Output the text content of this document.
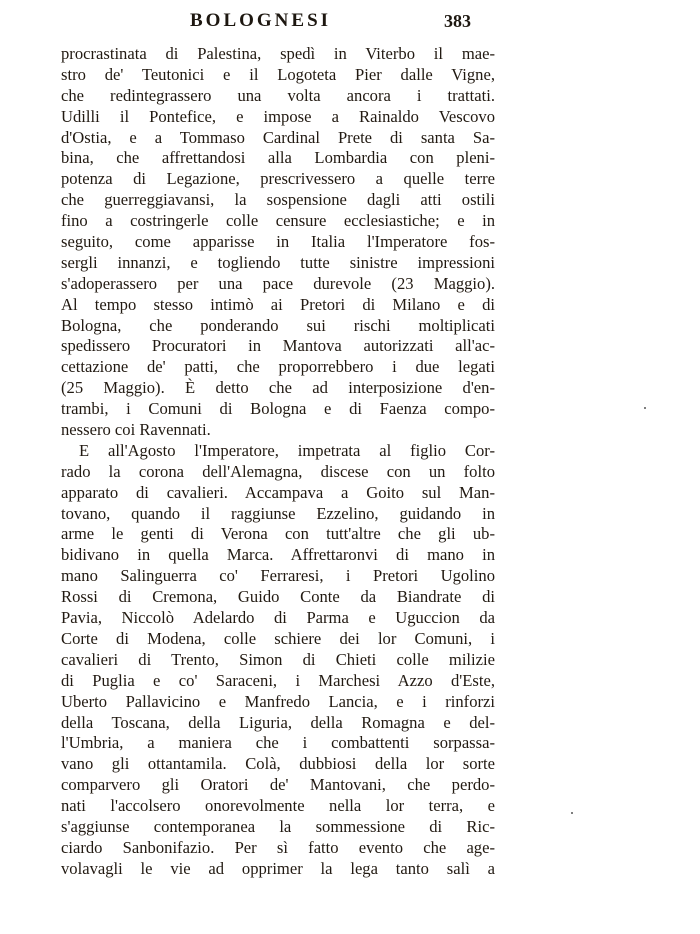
BOLOGNESI	383
procrastinata di Palestina, spedì in Viterbo il mae-
stro de' Teutonici e il Logoteta Pier dalle Vigne,
che redintegrassero una volta ancora i trattati.
Udilli il Pontefice, e impose a Rainaldo Vescovo
d'Ostia, e a Tommaso Cardinal Prete di santa Sa-
bina, che affrettandosi alla Lombardia con pleni-
potenza di Legazione, prescrivessero a quelle terre
che guerreggiavansi, la sospensione dagli atti ostili
fino a costringerle colle censure ecclesiastiche; e in
seguito, come apparisse in Italia l'Imperatore fos-
sergli innanzi, e togliendo tutte sinistre impressioni
s'adoperassero per una pace durevole (23 Maggio).
Al tempo stesso intimò ai Pretori di Milano e di
Bologna, che ponderando sui rischi moltiplicati
spedissero Procuratori in Mantova autorizzati all'ac-
cettazione de' patti, che proporrebbero i due legati
(25 Maggio). È detto che ad interposizione d'en-
trambi, i Comuni di Bologna e di Faenza compo-
nessero coi Ravennati.
E all'Agosto l'Imperatore, impetrata al figlio Cor-
rado la corona dell'Alemagna, discese con un folto
apparato di cavalieri. Accampava a Goito sul Man-
tovano, quando il raggiunse Ezzelino, guidando in
arme le genti di Verona con tutt'altre che gli ub-
bidivano in quella Marca. Affrettaronvi di mano in
mano Salinguerra co' Ferraresi, i Pretori Ugolino
Rossi di Cremona, Guido Conte da Biandrate di
Pavia, Niccolò Adelardo di Parma e Uguccion da
Corte di Modena, colle schiere dei lor Comuni, i
cavalieri di Trento, Simon di Chieti colle milizie
di Puglia e co' Saraceni, i Marchesi Azzo d'Este,
Uberto Pallavicino e Manfredo Lancia, e i rinforzi
della Toscana, della Liguria, della Romagna e del-
l'Umbria, a maniera che i combattenti sorpassa-
vano gli ottantamila. Colà, dubbiosi della lor sorte
comparvero gli Oratori de' Mantovani, che perdo-
nati l'accolsero onorevolmente nella lor terra, e
s'aggiunse contemporanea la sommessione di Ric-
ciardo Sanbonifazio. Per sì fatto evento che age-
volavagli le vie ad opprimer la lega tanto salì a
